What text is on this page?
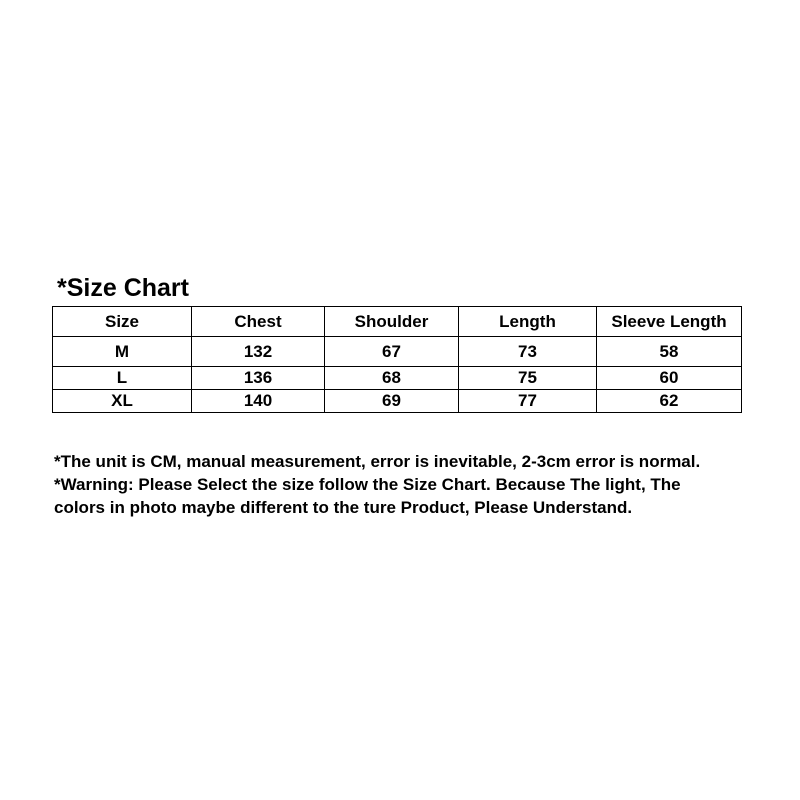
*Size Chart
Size	Chest	Shoulder	Length	Sleeve Length
M	132	67	73	58
L	136	68	75	60
XL	140	69	77	62

*The unit is CM, manual measurement, error is inevitable, 2-3cm error is normal.

*Warning: Please Select the size follow the Size Chart. Because The light, The

colors in photo maybe different to the ture Product, Please Understand.
